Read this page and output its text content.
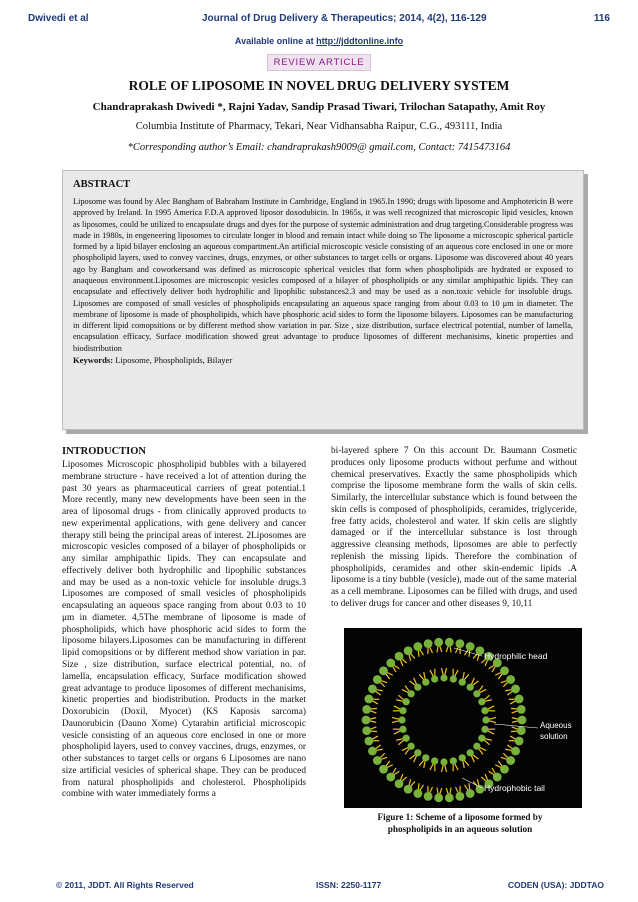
Dwivedi et al	Journal of Drug Delivery & Therapeutics; 2014, 4(2), 116-129	116
Available online at http://jddtonline.info
REVIEW ARTICLE
ROLE OF LIPOSOME IN NOVEL DRUG DELIVERY SYSTEM
Chandraprakash Dwivedi *, Rajni Yadav, Sandip Prasad Tiwari, Trilochan Satapathy, Amit Roy
Columbia Institute of Pharmacy, Tekari, Near Vidhansabha Raipur, C.G., 493111, India
*Corresponding author’s Email: chandraprakash9009@ gmail.com, Contact: 7415473164
ABSTRACT

Liposome was found by Alec Bangham of Babraham Institute in Cambridge, England in 1965.In 1990; drugs with liposome and Amphotericin B were approved by Ireland. In 1995 America F.D.A approved liposor doxodubicin. In 1965s, it was well recognized that microscopic lipid vesicles, known as liposomes, could be utilized to encapsulate drugs and dyes for the purpose of systemic administration and drug targeting.Considerable progress was made in 1980s, in engeneering liposomes to circulate longer in blood and remain intact while doing so The liposome a microscopic spherical particle formed by a lipid bilayer enclosing an aqueous compartment.An artificial microscopic vesicle consisting of an aqueous core enclosed in one or more phospholipid layers, used to convey vaccines, drugs, enzymes, or other substances to target cells or organs. Liposome was discovered about 40 years ago by Bangham and coworkersand was defined as microscopic spherical vesicles that form when phospholipids are hydrated or exposed to anaqueous environment.Liposomes are microscopic vesicles composed of a bilayer of phospholipids or any similar amphipathic lipids. They can encapsulate and effectively deliver both hydrophilic and lipophilic substances2.3 and may be used as a non.toxic vehicle for insoluble drugs. Liposomes are composed of small vesicles of phospholipids encapsulating an aqueous space ranging from about 0.03 to 10 μm in diameter. The membrane of liposome is made of phospholipids, which have phosphoric acid sides to form the liposome bilayers. Liposomes can be manufacturing in different lipid comopsitions or by different method show variation in par. Size , size distribution, surface electrical potential, number of lamella, encapsulation efficacy, Surface modification showed great advantage to produce liposomes of different mechanisims, kinetic properties and biodistribution

Keywords: Liposome, Phospholipids, Bilayer

INTRODUCTION

Liposomes Microscopic phospholipid bubbles with a bilayered membrane structure - have received a lot of attention during the past 30 years as pharmaceutical carriers of great potential.1 More recently, many new developments have been seen in the area of liposomal drugs - from clinically approved products to new experimental applications, with gene delivery and cancer therapy still being the principal areas of interest. 2Liposomes are microscopic vesicles composed of a bilayer of phospholipids or any similar amphipathic lipids. They can encapsulate and effectively deliver both hydrophilic and lipophilic substances and may be used as a non-toxic vehicle for insoluble drugs.3 Liposomes are composed of small vesicles of phospholipids encapsulating an aqueous space ranging from about 0.03 to 10 μm in diameter. 4,5The membrane of liposome is made of phospholipids, which have phosphoric acid sides to form the liposome bilayers.Liposomes can be manufacturing in different lipid comopsitions or by different method show variation in par. Size , size distribution, surface electrical potential, no. of lamella, encapsulation efficacy, Surface modification showed great advantage to produce liposomes of different mechanisims, kinetic properties and biodistribution. Products in the market Doxorubicin (Doxil, Myocet) (KS Kaposis sarcoma) Daunorubicin (Dauno Xome) Cytarabin artificial microscopic vesicle consisting of an aqueous core enclosed in one or more phospholipid layers, used to convey vaccines, drugs, enzymes, or other substances to target cells or organs 6 Liposomes are nano size artificial vesicles of spherical shape. They can be produced from natural phospholipids and cholesterol. Phospholipids combine with water immediately forms a

bi-layered sphere 7 On this account Dr. Baumann Cosmetic produces only liposome products without perfume and without chemical preservatives. Exactly the same phospholipids which comprise the liposome membrane form the walls of skin cells. Similarly, the intercellular substance which is found between the skin cells is composed of phospholipids, ceramides, triglyceride, free fatty acids, cholesterol and water. If skin cells are slightly damaged or if the intercellular substance is lost through aggressive cleansing methods, liposomes are able to perfectly replenish the missing lipids. Therefore the combination of phospholipids, ceramides and other skin-endemic lipids .A liposome is a tiny bubble (vesicle), made out of the same material as a cell membrane. Liposomes can be filled with drugs, and used to deliver drugs for cancer and other diseases 9, 10,11

Hydrophilic head
Aqueous
solution
Hydrophobic tail
Figure 1: Scheme of a liposome formed by
phospholipids in an aqueous solution
© 2011, JDDT. All Rights Reserved	ISSN: 2250-1177	CODEN (USA): JDDTAO
